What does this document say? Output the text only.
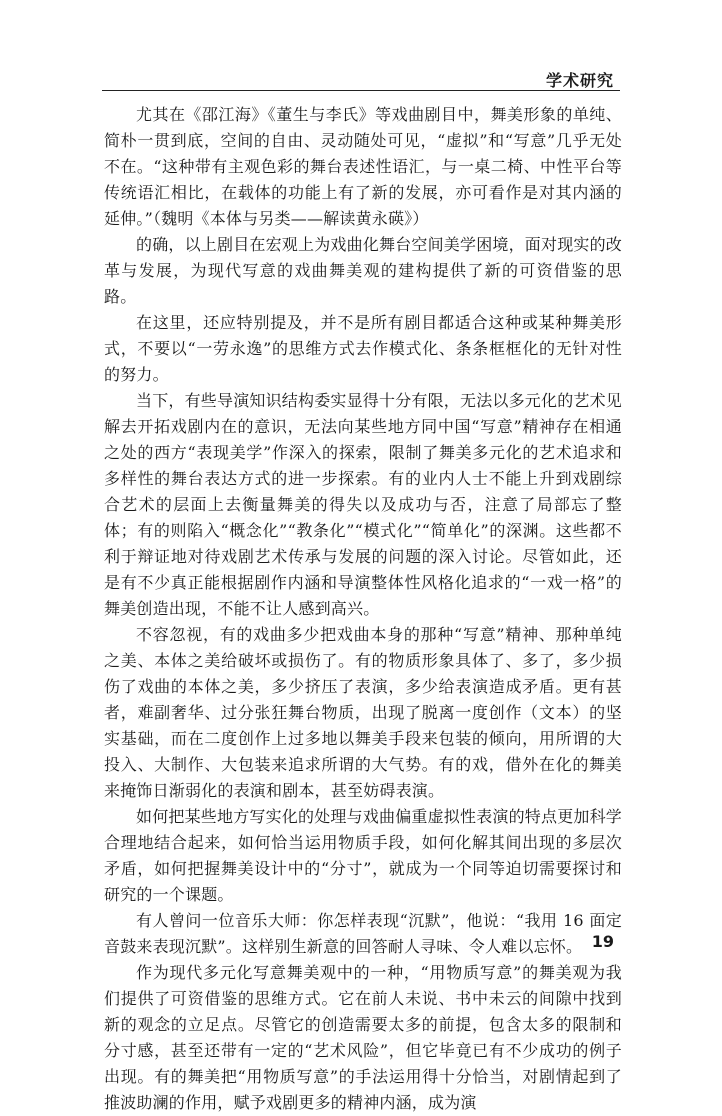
学术研究

尤其在《邵江海》《董生与李氏》等戏曲剧目中，舞美形象的单纯、简朴一贯到底，空间的自由、灵动随处可见，“虚拟”和“写意”几乎无处不在。“这种带有主观色彩的舞台表述性语汇，与一桌二椅、中性平台等传统语汇相比，在载体的功能上有了新的发展，亦可看作是对其内涵的延伸。”（魏明《本体与另类——解读黄永碤》）

的确，以上剧目在宏观上为戏曲化舞台空间美学困境，面对现实的改革与发展，为现代写意的戏曲舞美观的建构提供了新的可资借鉴的思路。

在这里，还应特别提及，并不是所有剧目都适合这种或某种舞美形式，不要以“一劳永逸”的思维方式去作模式化、条条框框化的无针对性的努力。

当下，有些导演知识结构委实显得十分有限，无法以多元化的艺术见解去开拓戏剧内在的意识，无法向某些地方同中国“写意”精神存在相通之处的西方“表现美学”作深入的探索，限制了舞美多元化的艺术追求和多样性的舞台表达方式的进一步探索。有的业内人士不能上升到戏剧综合艺术的层面上去衡量舞美的得失以及成功与否，注意了局部忘了整体；有的则陷入“概念化”“教条化”“模式化”“简单化”的深渊。这些都不利于辩证地对待戏剧艺术传承与发展的问题的深入讨论。尽管如此，还是有不少真正能根据剧作内涵和导演整体性风格化追求的“一戏一格”的舞美创造出现，不能不让人感到高兴。

不容忽视，有的戏曲多少把戏曲本身的那种“写意”精神、那种单纯之美、本体之美给破坏或损伤了。有的物质形象具体了、多了，多少损伤了戏曲的本体之美，多少挤压了表演，多少给表演造成矛盾。更有甚者，难副奢华、过分张狂舞台物质，出现了脱离一度创作（文本）的坚实基础，而在二度创作上过多地以舞美手段来包装的倾向，用所谓的大投入、大制作、大包装来追求所谓的大气势。有的戏，借外在化的舞美来掩饰日渐弱化的表演和剧本，甚至妨碍表演。

如何把某些地方写实化的处理与戏曲偏重虚拟性表演的特点更加科学合理地结合起来，如何恰当运用物质手段，如何化解其间出现的多层次矛盾，如何把握舞美设计中的“分寸”，就成为一个同等迫切需要探讨和研究的一个课题。

有人曾问一位音乐大师：你怎样表现“沉默”，他说：“我用 16 面定音鼓来表现沉默”。这样别生新意的回答耐人寻味、令人难以忘怀。

作为现代多元化写意舞美观中的一种，“用物质写意”的舞美观为我们提供了可资借鉴的思维方式。它在前人未说、书中未云的间隙中找到新的观念的立足点。尽管它的创造需要太多的前提，包含太多的限制和分寸感，甚至还带有一定的“艺术风险”，但它毕竟已有不少成功的例子出现。有的舞美把“用物质写意”的手法运用得十分恰当，对剧情起到了推波助澜的作用，赋予戏剧更多的精神内涵，成为演

19
